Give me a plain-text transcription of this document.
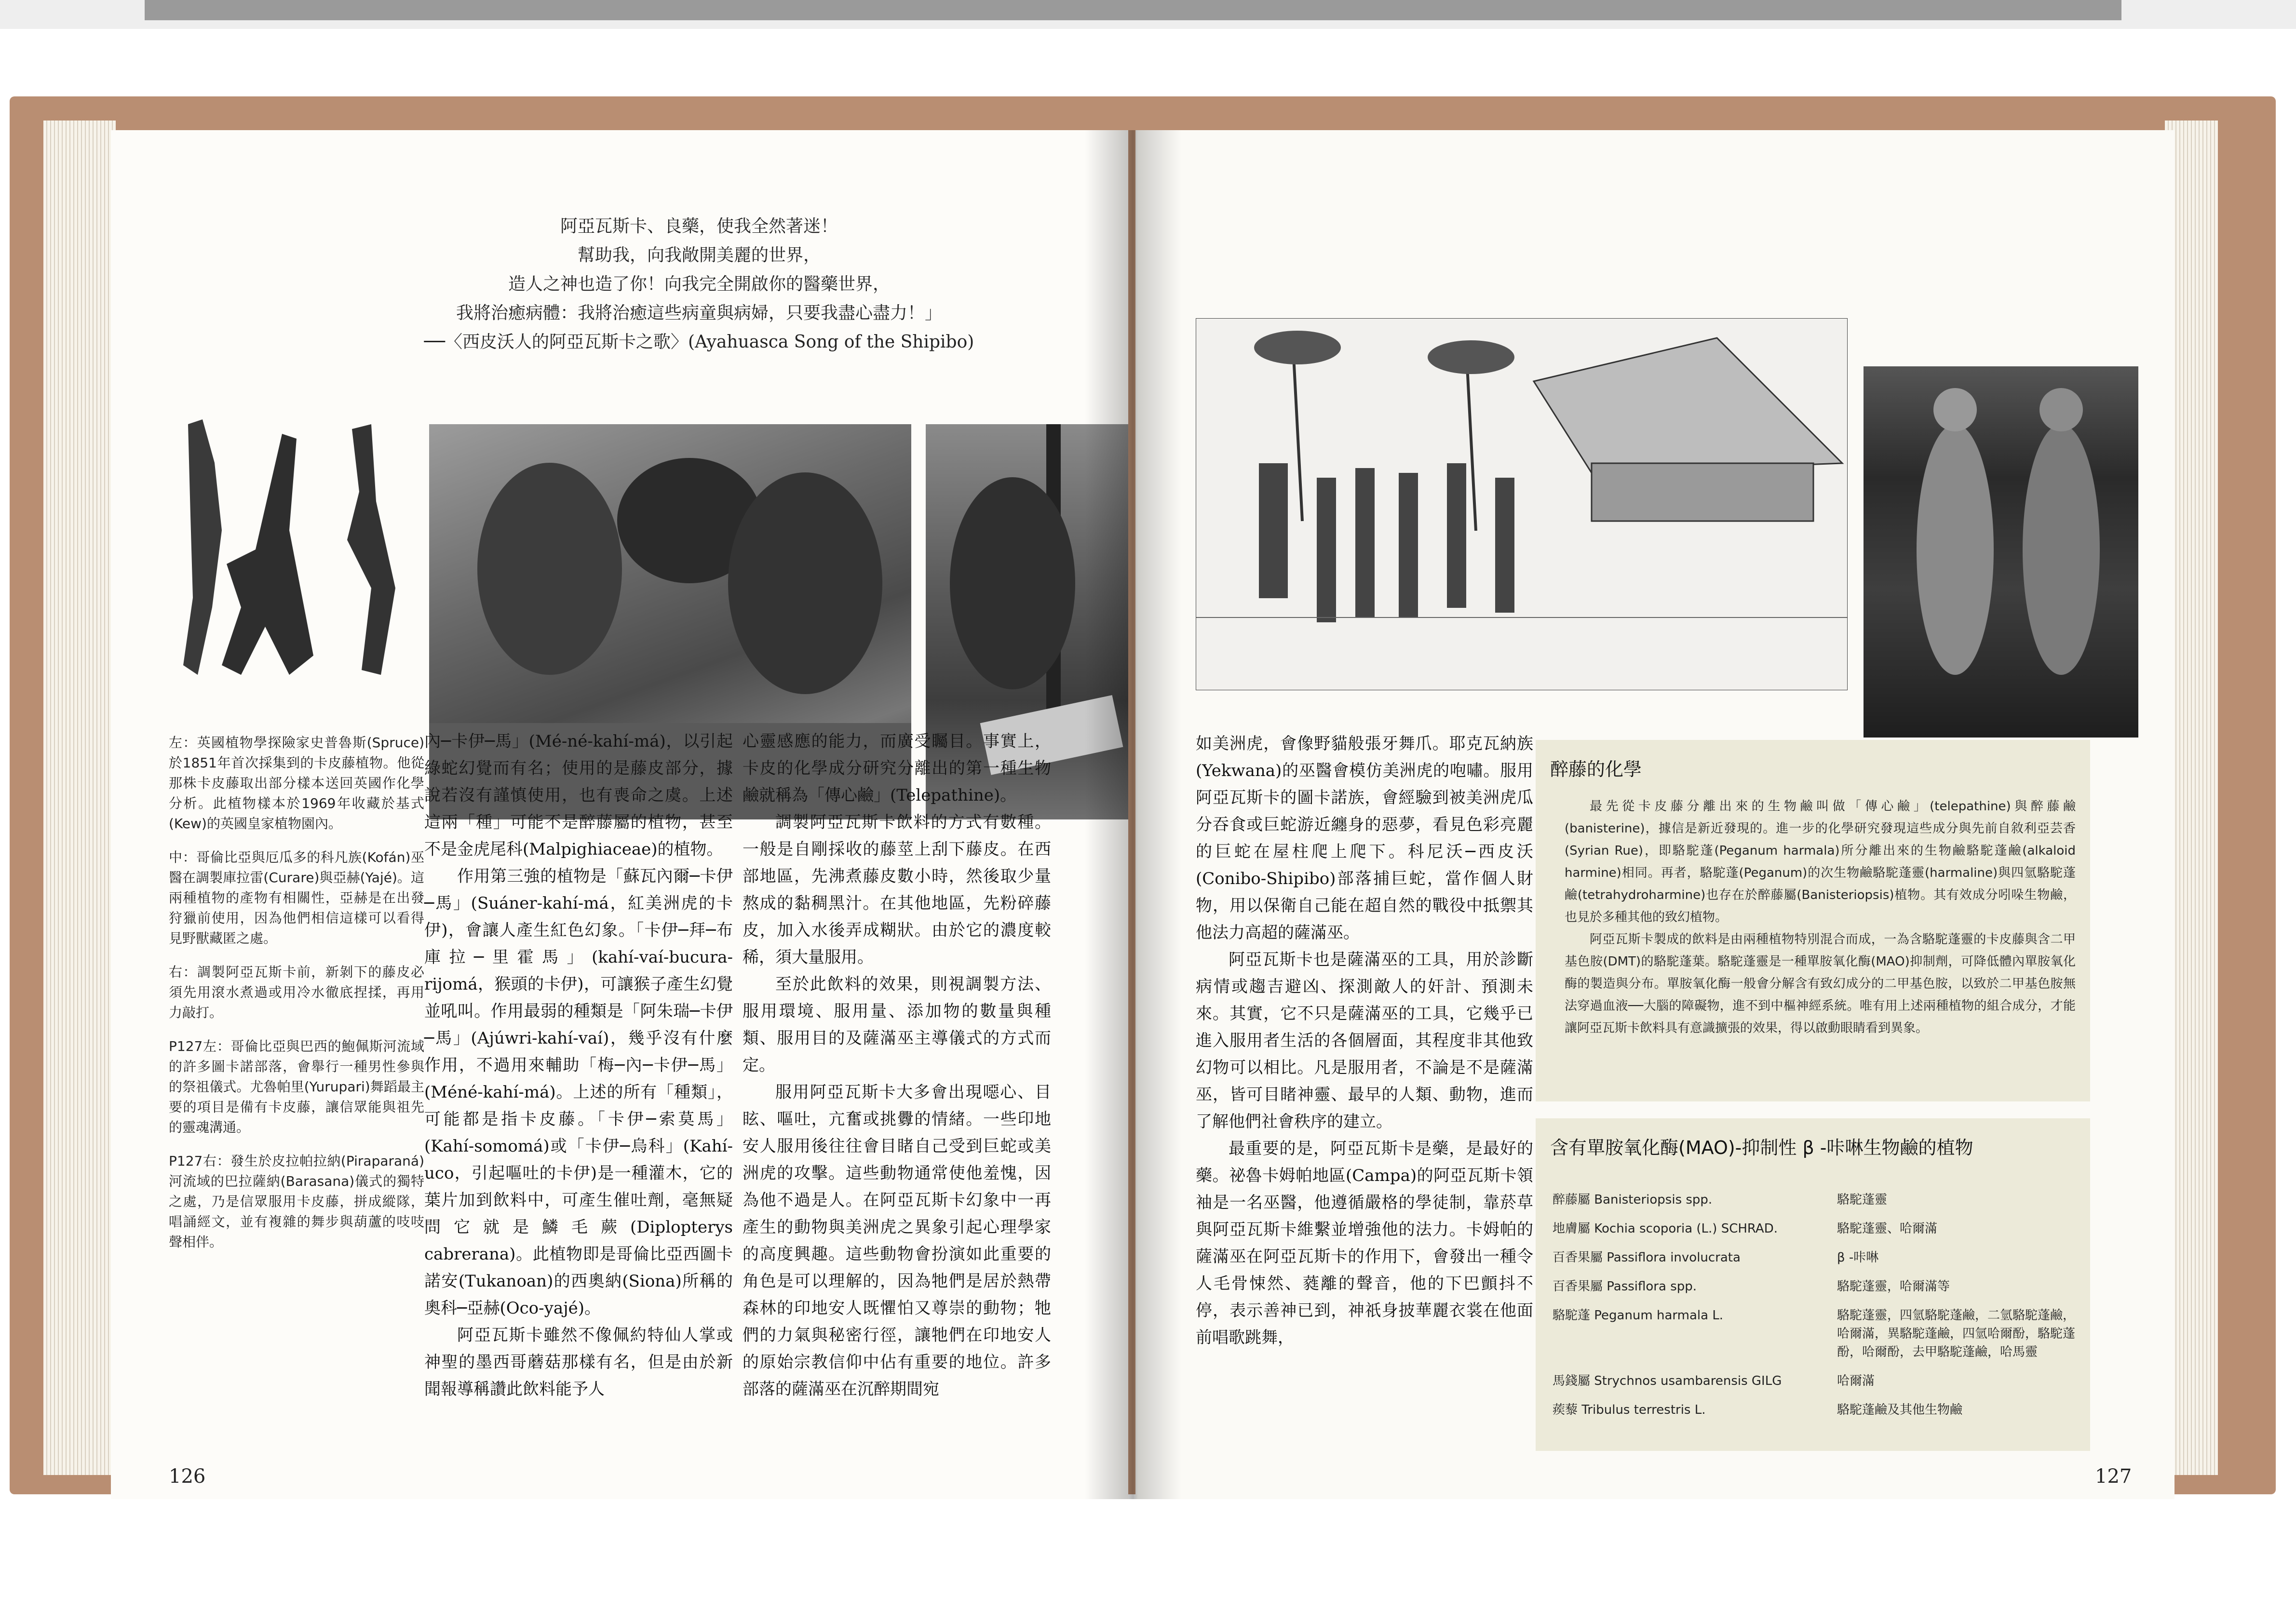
阿亞瓦斯卡、良藥，使我全然著迷！
幫助我，向我敞開美麗的世界，
造人之神也造了你！向我完全開啟你的醫藥世界，
我將治癒病體：我將治癒這些病童與病婦，只要我盡心盡力！」
──〈西皮沃人的阿亞瓦斯卡之歌〉(Ayahuasca Song of the Shipibo)

左：英國植物學探險家史普魯斯(Spruce)於1851年首次採集到的卡皮藤植物。他從那株卡皮藤取出部分樣本送回英國作化學分析。此植物樣本於1969年收藏於基式(Kew)的英國皇家植物園內。

中：哥倫比亞與厄瓜多的科凡族(Kofán)巫醫在調製庫拉雷(Curare)與亞赫(Yajé)。這兩種植物的產物有相關性，亞赫是在出發狩獵前使用，因為他們相信這樣可以看得見野獸藏匿之處。

右：調製阿亞瓦斯卡前，新剝下的藤皮必須先用滾水煮過或用冷水徹底捏揉，再用力敲打。

P127左：哥倫比亞與巴西的鮑佩斯河流域的許多圖卡諾部落，會舉行一種男性參與的祭祖儀式。尤魯帕里(Yurupari)舞蹈最主要的項目是備有卡皮藤，讓信眾能與祖先的靈魂溝通。

P127右：發生於皮拉帕拉納(Piraparaná)河流域的巴拉薩納(Barasana)儀式的獨特之處，乃是信眾服用卡皮藤，拼成縱隊，唱誦經文，並有複雜的舞步與葫蘆的吱吱聲相伴。

內─卡伊─馬」(Mé-né-kahí-má)，以引起綠蛇幻覺而有名；使用的是藤皮部分，據說若沒有謹慎使用，也有喪命之虞。上述這兩「種」可能不是醉藤屬的植物，甚至不是金虎尾科(Malpighiaceae)的植物。

作用第三強的植物是「蘇瓦內爾─卡伊─馬」(Suáner-kahí-má，紅美洲虎的卡伊)，會讓人產生紅色幻象。「卡伊─拜─布庫拉─里霍馬」(kahí-vaí-bucura-rijomá，猴頭的卡伊)，可讓猴子產生幻覺並吼叫。作用最弱的種類是「阿朱瑞─卡伊─馬」(Ajúwri-kahí-vaí)，幾乎沒有什麼作用，不過用來輔助「梅─內─卡伊─馬」(Méné-kahí-má)。上述的所有「種類」，可能都是指卡皮藤。「卡伊─索莫馬」(Kahí-somomá)或「卡伊─烏科」(Kahí-uco，引起嘔吐的卡伊)是一種灌木，它的葉片加到飲料中，可產生催吐劑，毫無疑問它就是鱗毛蕨(Diplopterys cabrerana)。此植物即是哥倫比亞西圖卡諾安(Tukanoan)的西奧納(Siona)所稱的奧科─亞赫(Oco-yajé)。

阿亞瓦斯卡雖然不像佩約特仙人掌或神聖的墨西哥蘑菇那樣有名，但是由於新聞報導稱讚此飲料能予人

心靈感應的能力，而廣受矚目。事實上，卡皮的化學成分研究分離出的第一種生物鹼就稱為「傳心鹼」(Telepathine)。

調製阿亞瓦斯卡飲料的方式有數種。一般是自剛採收的藤莖上刮下藤皮。在西部地區，先沸煮藤皮數小時，然後取少量熬成的黏稠黑汁。在其他地區，先粉碎藤皮，加入水後弄成糊狀。由於它的濃度較稀，須大量服用。

至於此飲料的效果，則視調製方法、服用環境、服用量、添加物的數量與種類、服用目的及薩滿巫主導儀式的方式而定。

服用阿亞瓦斯卡大多會出現噁心、目眩、嘔吐，亢奮或挑釁的情緒。一些印地安人服用後往往會目睹自己受到巨蛇或美洲虎的攻擊。這些動物通常使他羞愧，因為他不過是人。在阿亞瓦斯卡幻象中一再產生的動物與美洲虎之異象引起心理學家的高度興趣。這些動物會扮演如此重要的角色是可以理解的，因為牠們是居於熱帶森林的印地安人既懼怕又尊崇的動物；牠們的力氣與秘密行徑，讓牠們在印地安人的原始宗教信仰中佔有重要的地位。許多部落的薩滿巫在沉醉期間宛

126

如美洲虎，會像野貓般張牙舞爪。耶克瓦納族(Yekwana)的巫醫會模仿美洲虎的咆嘯。服用阿亞瓦斯卡的圖卡諾族，會經驗到被美洲虎瓜分吞食或巨蛇游近纏身的惡夢，看見色彩亮麗的巨蛇在屋柱爬上爬下。科尼沃─西皮沃(Conibo-Shipibo)部落捕巨蛇，當作個人財物，用以保衛自己能在超自然的戰役中抵禦其他法力高超的薩滿巫。

阿亞瓦斯卡也是薩滿巫的工具，用於診斷病情或趨吉避凶、探測敵人的奸計、預測未來。其實，它不只是薩滿巫的工具，它幾乎已進入服用者生活的各個層面，其程度非其他致幻物可以相比。凡是服用者，不論是不是薩滿巫，皆可目睹神靈、最早的人類、動物，進而了解他們社會秩序的建立。

最重要的是，阿亞瓦斯卡是藥，是最好的藥。祕魯卡姆帕地區(Campa)的阿亞瓦斯卡領袖是一名巫醫，他遵循嚴格的學徒制，靠菸草與阿亞瓦斯卡維繫並增強他的法力。卡姆帕的薩滿巫在阿亞瓦斯卡的作用下，會發出一種令人毛骨悚然、蕤離的聲音，他的下巴顫抖不停，表示善神已到，神祇身披華麗衣裳在他面前唱歌跳舞，

醉藤的化學

最先從卡皮藤分離出來的生物鹼叫做「傳心鹼」(telepathine)與醉藤鹼(banisterine)，據信是新近發現的。進一步的化學研究發現這些成分與先前自敘利亞芸香(Syrian Rue)，即駱駝蓬(Peganum harmala)所分離出來的生物鹼駱駝蓬鹼(alkaloid harmine)相同。再者，駱駝蓬(Peganum)的次生物鹼駱駝蓬靈(harmaline)與四氫駱駝蓬鹼(tetrahydroharmine)也存在於醉藤屬(Banisteriopsis)植物。其有效成分吲哚生物鹼，也見於多種其他的致幻植物。

阿亞瓦斯卡製成的飲料是由兩種植物特別混合而成，一為含駱駝蓬靈的卡皮藤與含二甲基色胺(DMT)的駱駝蓬葉。駱駝蓬靈是一種單胺氧化酶(MAO)抑制劑，可降低體內單胺氧化酶的製造與分布。單胺氧化酶一般會分解含有致幻成分的二甲基色胺，以致於二甲基色胺無法穿過血液──大腦的障礙物，進不到中樞神經系統。唯有用上述兩種植物的組合成分，才能讓阿亞瓦斯卡飲料具有意識擴張的效果，得以啟動眼睛看到異象。

含有單胺氧化酶(MAO)-抑制性 β -咔啉生物鹼的植物
醉藤屬 Banisteriopsis spp.	駱駝蓬靈
地膚屬 Kochia scoporia (L.) SCHRAD.	駱駝蓬靈、哈爾滿
百香果屬 Passiflora involucrata	β -咔啉
百香果屬 Passiflora spp.	駱駝蓬靈，哈爾滿等
駱駝蓬 Peganum harmala L.	駱駝蓬靈，四氫駱駝蓬鹼，二氫駱駝蓬鹼，哈爾滿，異駱駝蓬鹼，四氫哈爾酚，駱駝蓬酚，哈爾酚，去甲駱駝蓬鹼，哈馬靈
馬錢屬 Strychnos usambarensis GILG	哈爾滿
蒺藜 Tribulus terrestris L.	駱駝蓬鹼及其他生物鹼
127
